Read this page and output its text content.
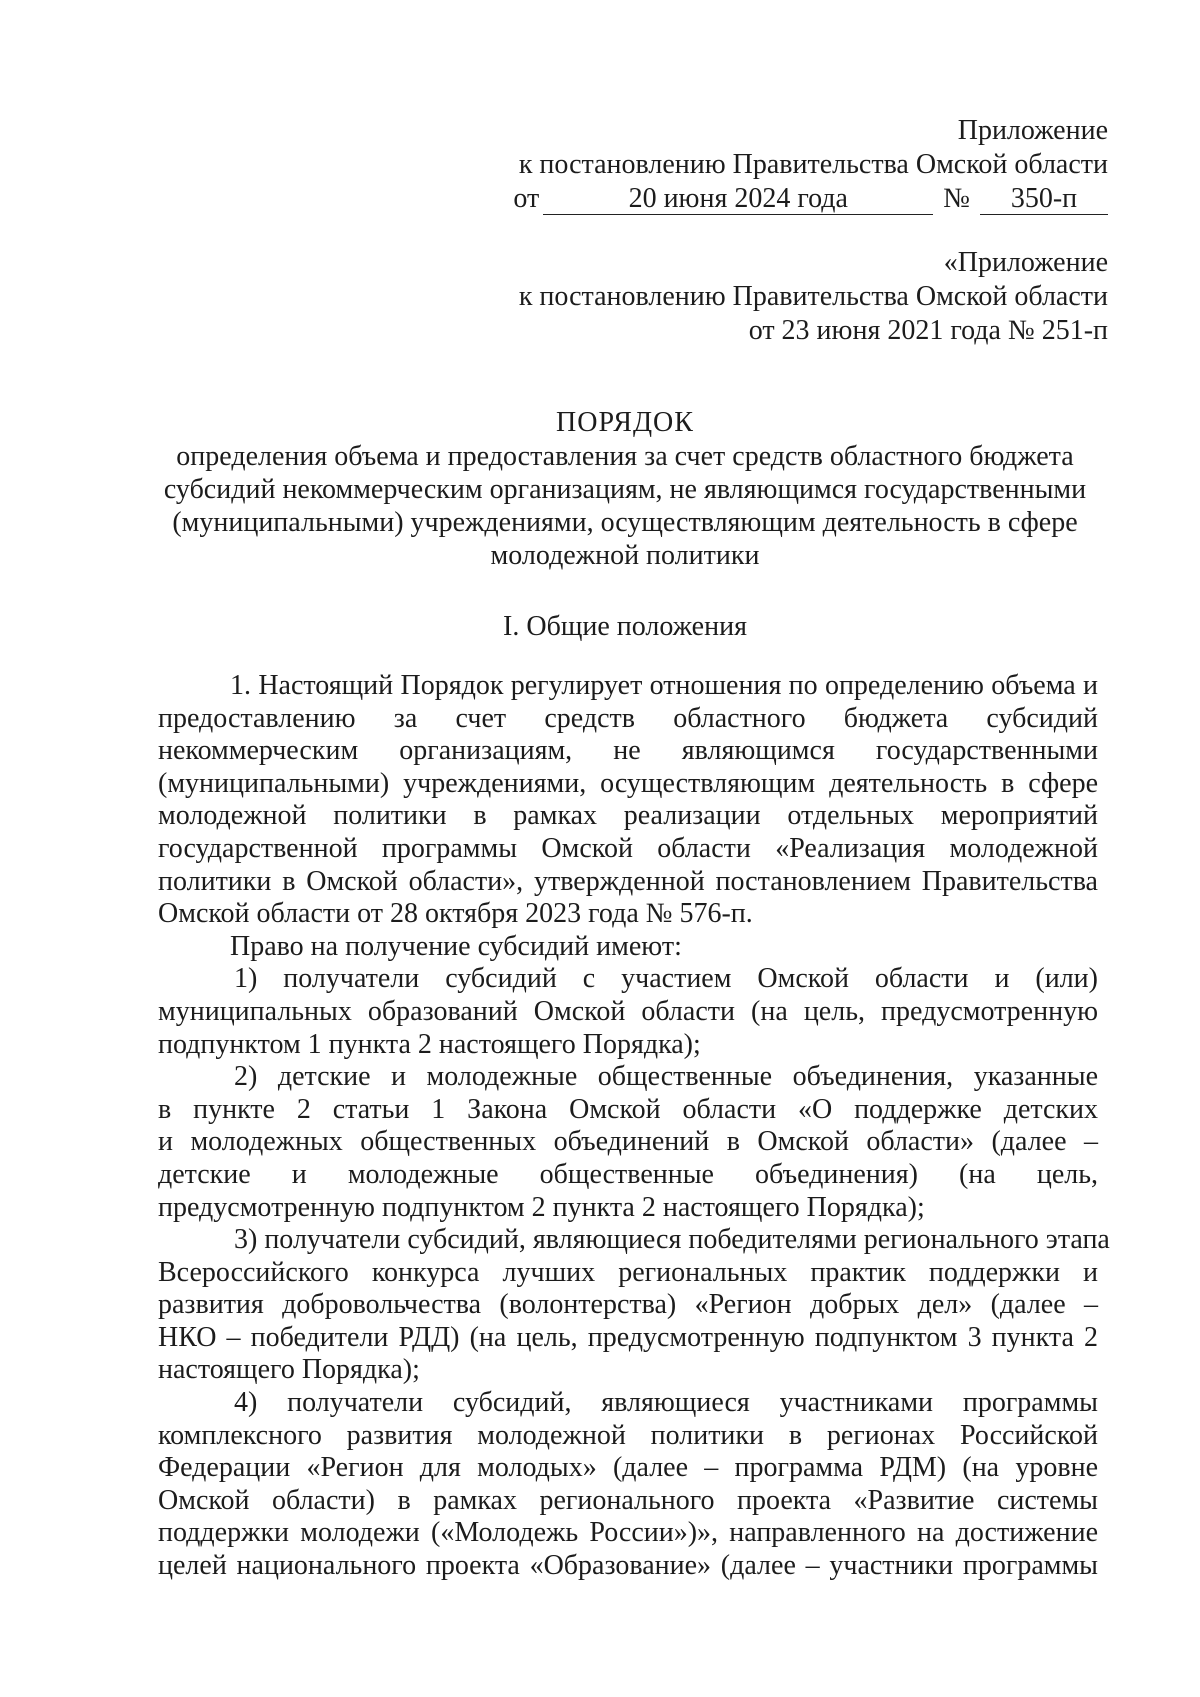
Приложение
к постановлению Правительства Омской области
от	20 июня 2024 года	№ 350-п
«Приложение
к постановлению Правительства Омской области
от 23 июня 2021 года № 251-п
ПОРЯДОК
определения объема и предоставления за счет средств областного бюджета
субсидий некоммерческим организациям, не являющимся государственными
(муниципальными) учреждениями, осуществляющим деятельность в сфере
молодежной политики
I. Общие положения
1. Настоящий Порядок регулирует отношения по определению объема и
предоставлению за счет средств областного бюджета субсидий
некоммерческим организациям, не являющимся государственными
(муниципальными) учреждениями, осуществляющим деятельность в сфере
молодежной политики в рамках реализации отдельных мероприятий
государственной программы Омской области «Реализация молодежной
политики в Омской области», утвержденной постановлением Правительства
Омской области от 28 октября 2023 года № 576-п.
Право на получение субсидий имеют:
1) получатели субсидий с участием Омской области и (или)
муниципальных образований Омской области (на цель, предусмотренную
подпунктом 1 пункта 2 настоящего Порядка);
2) детские и молодежные общественные объединения, указанные
в пункте 2 статьи 1 Закона Омской области «О поддержке детских
и молодежных общественных объединений в Омской области» (далее –
детские и молодежные общественные объединения) (на цель,
предусмотренную подпунктом 2 пункта 2 настоящего Порядка);
3) получатели субсидий, являющиеся победителями регионального этапа
Всероссийского конкурса лучших региональных практик поддержки и
развития добровольчества (волонтерства) «Регион добрых дел» (далее –
НКО – победители РДД) (на цель, предусмотренную подпунктом 3 пункта 2
настоящего Порядка);
4) получатели субсидий, являющиеся участниками программы
комплексного развития молодежной политики в регионах Российской
Федерации «Регион для молодых» (далее – программа РДМ) (на уровне
Омской области) в рамках регионального проекта «Развитие системы
поддержки молодежи («Молодежь России»)», направленного на достижение
целей национального проекта «Образование» (далее – участники программы
